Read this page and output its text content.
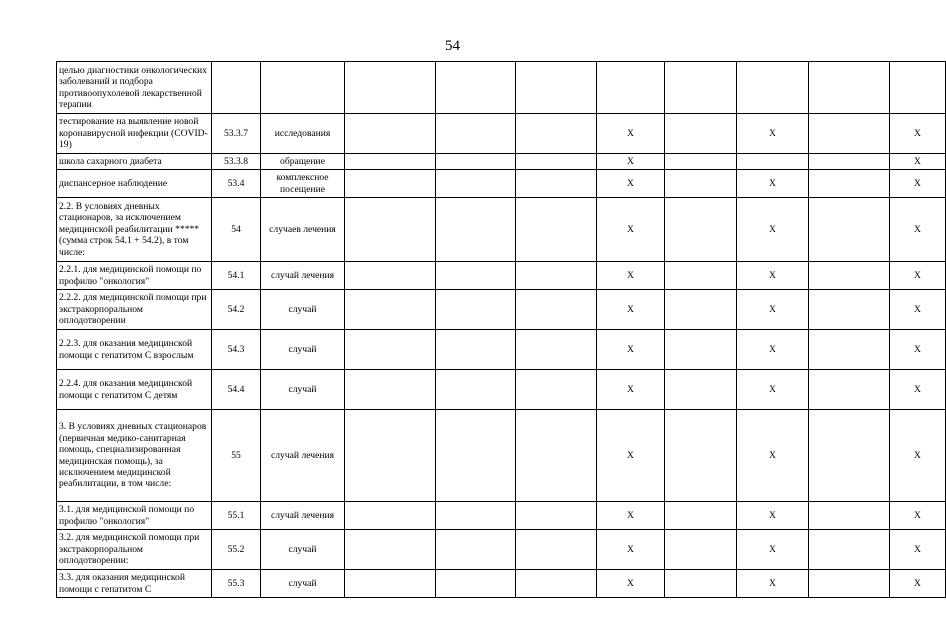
54
целью диагностики онкологических заболеваний и подбора противоопухолевой лекарственной терапии										
тестирование на выявление новой коронавирусной инфекции (COVID-19)	53.3.7	исследования				X		X		X
школа сахарного диабета	53.3.8	обращение				X				X
диспансерное наблюдение	53.4	комплексное посещение				X		X		X
2.2. В условиях дневных стационаров, за исключением медицинской реабилитации ***** (сумма строк 54.1 + 54.2), в том числе:	54	случаев лечения				X		X		X
2.2.1. для медицинской помощи по профилю "онкология"	54.1	случай лечения				X		X		X
2.2.2. для медицинской помощи при экстракорпоральном оплодотворении	54.2	случай				X		X		X
2.2.3. для оказания медицинской помощи с гепатитом С взрослым	54.3	случай				X		X		X
2.2.4. для оказания медицинской помощи с гепатитом С детям	54.4	случай				X		X		X
3. В условиях дневных стационаров (первичная медико-санитарная помощь, специализированная медицинская помощь), за исключением медицинской реабилитации, в том числе:	55	случай лечения				X		X		X
3.1. для медицинской помощи по профилю "онкология"	55.1	случай лечения				X		X		X
3.2. для медицинской помощи при экстракорпоральном оплодотворении:	55.2	случай				X		X		X
3.3. для оказания медицинской помощи с гепатитом С	55.3	случай				X		X		X
